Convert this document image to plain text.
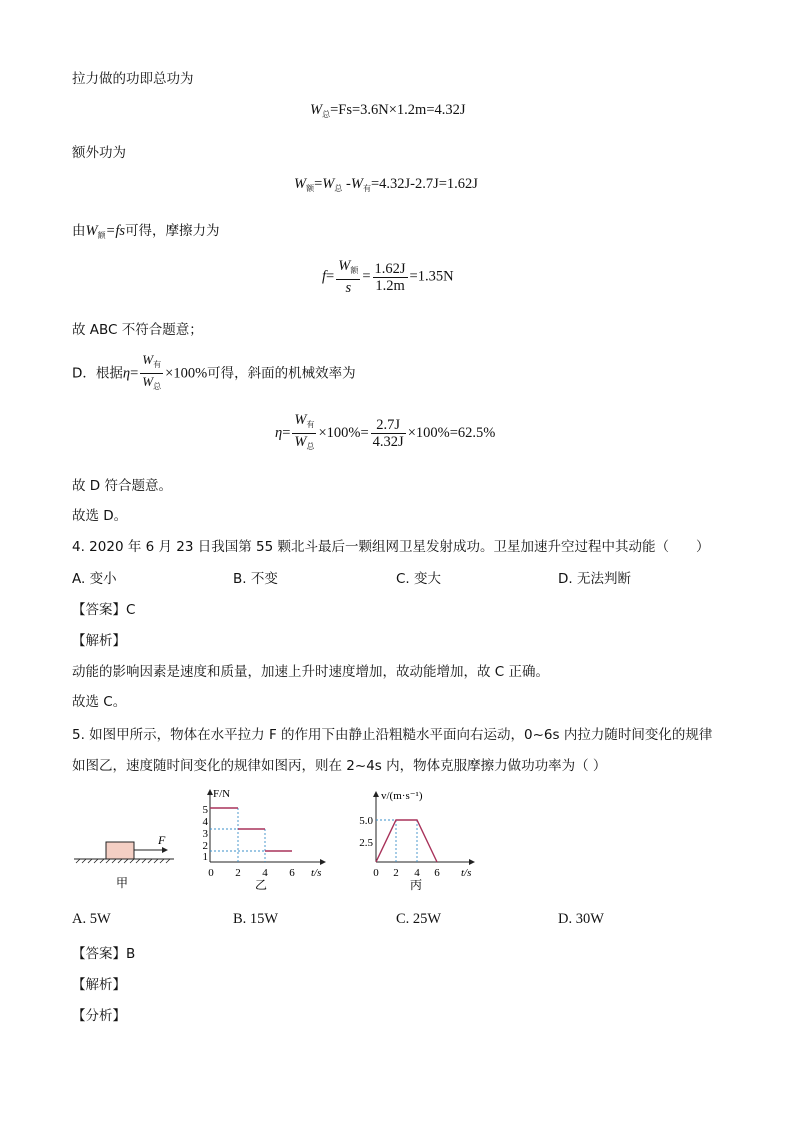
拉力做的功即总功为
$W_总=Fs=3.6N\times 1.2m=4.32J$
额外功为
$W_额=W_总$ $-W_有=4.32J-2.7J=1.62J$
由$W_额=fs$可得，摩擦力为
$f= \frac{W_额}{s} = \frac{1.62J}{1.2m} =1.35N$
故 ABC 不符合题意；
D．根据$\eta= \frac{W_有}{W_总} \times 100\%$可得，斜面的机械效率为
$\eta= \frac{W_有}{W_总} \times 100\%= \frac{2.7J}{4.32J} \times 100\%=62.5\%$
故 D 符合题意。
故选 D。
4. 2020 年 6 月 23 日我国第 55 颗北斗最后一颗组网卫星发射成功。卫星加速升空过程中其动能（　　）
A. 变小	B. 不变	C. 变大	D. 无法判断
【答案】C
【解析】
动能的影响因素是速度和质量，加速上升时速度增加，故动能增加，故 C 正确。
故选 C。
5. 如图甲所示，物体在水平拉力 F 的作用下由静止沿粗糙水平面向右运动，0~6s 内拉力随时间变化的规律
如图乙，速度随时间变化的规律如图丙，则在 2~4s 内，物体克服摩擦力做功功率为（ ）
F
甲
F/N
t/s
5
4
3
2
1
0 2 4 6
乙
v/(m·s⁻¹)
t/s
5.0
2.5
0 2 4 6
丙
A. 5W	B. 15W	C. 25W	D. 30W
【答案】B
【解析】
【分析】
